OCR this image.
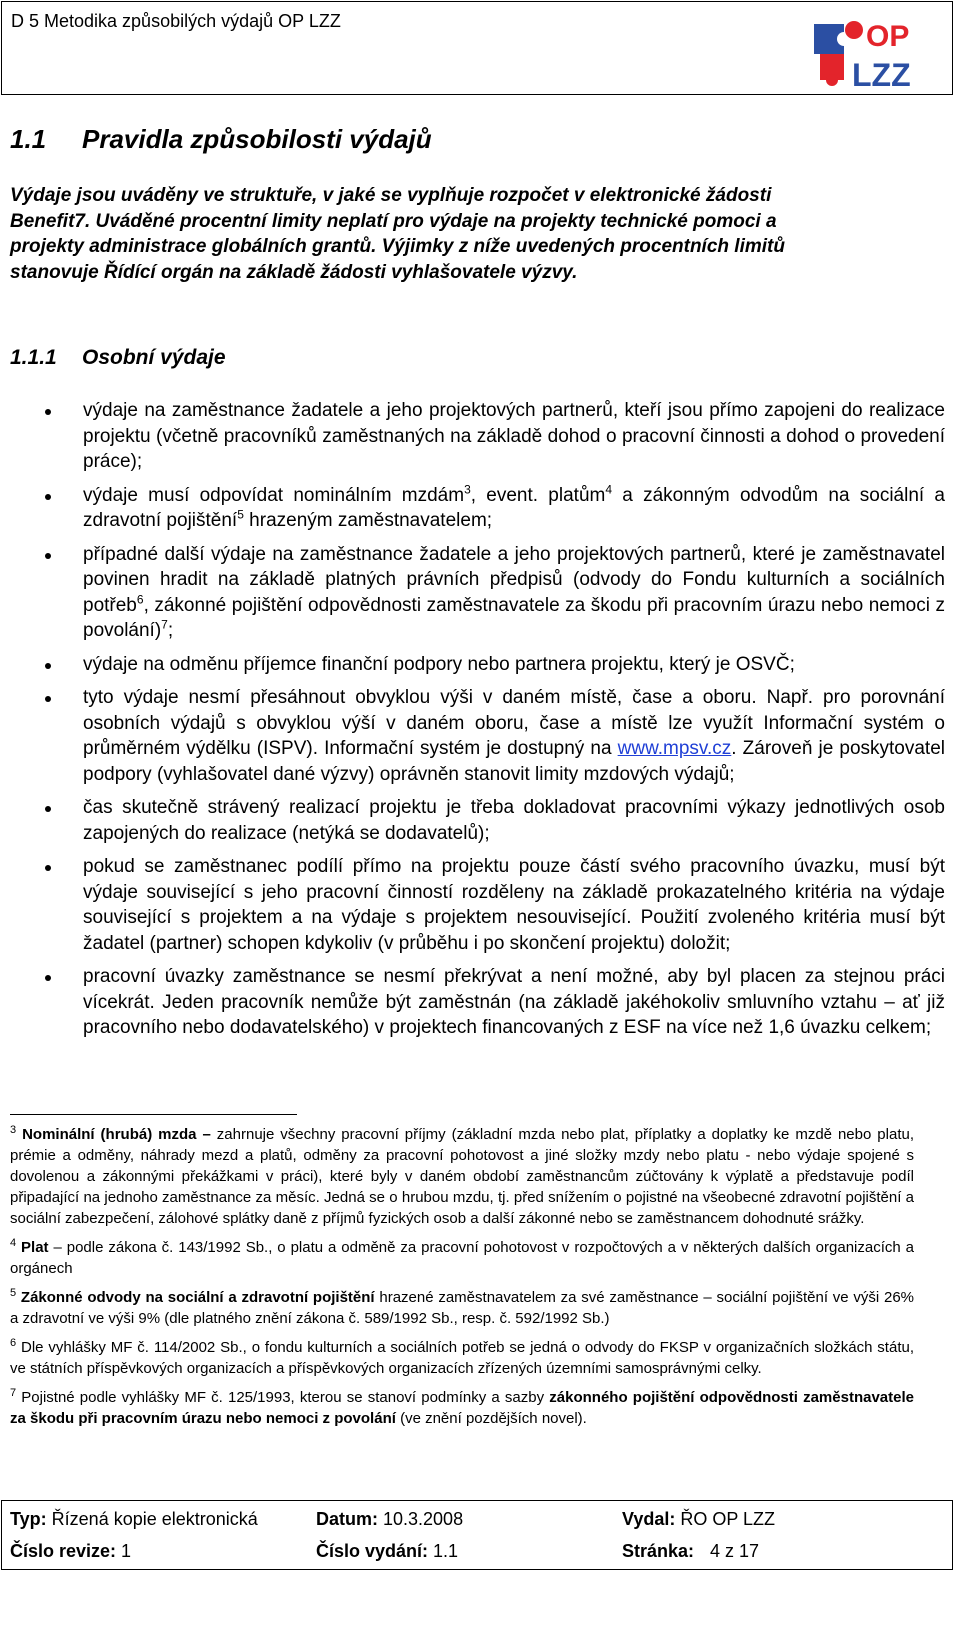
D 5 Metodika způsobilých výdajů OP LZZ	OP
LZZ
1.1 Pravidla způsobilosti výdajů
Výdaje jsou uváděny ve struktuře, v jaké se vyplňuje rozpočet v elektronické žádosti
Benefit7. Uváděné procentní limity neplatí pro výdaje na projekty technické pomoci a
projekty administrace globálních grantů. Výjimky z níže uvedených procentních limitů
stanovuje Řídící orgán na základě žádosti vyhlašovatele výzvy.
1.1.1 Osobní výdaje
výdaje na zaměstnance žadatele a jeho projektových partnerů, kteří jsou přímo zapojeni do realizace projektu (včetně pracovníků zaměstnaných na základě dohod o pracovní činnosti a dohod o provedení práce);
výdaje musí odpovídat nominálním mzdám$^3$, event. platům$^4$ a zákonným odvodům na sociální a zdravotní pojištění$^5$ hrazeným zaměstnavatelem;
případné další výdaje na zaměstnance žadatele a jeho projektových partnerů, které je zaměstnavatel povinen hradit na základě platných právních předpisů (odvody do Fondu kulturních a sociálních potřeb$^6$, zákonné pojištění odpovědnosti zaměstnavatele za škodu při pracovním úrazu nebo nemoci z povolání)$^7$;
výdaje na odměnu příjemce finanční podpory nebo partnera projektu, který je OSVČ;
tyto výdaje nesmí přesáhnout obvyklou výši v daném místě, čase a oboru. Např. pro porovnání osobních výdajů s obvyklou výší v daném oboru, čase a místě lze využít Informační systém o průměrném výdělku (ISPV). Informační systém je dostupný na www.mpsv.cz. Zároveň je poskytovatel podpory (vyhlašovatel dané výzvy) oprávněn stanovit limity mzdových výdajů;
čas skutečně strávený realizací projektu je třeba dokladovat pracovními výkazy jednotlivých osob zapojených do realizace (netýká se dodavatelů);
pokud se zaměstnanec podílí přímo na projektu pouze částí svého pracovního úvazku, musí být výdaje související s jeho pracovní činností rozděleny na základě prokazatelného kritéria na výdaje související s projektem a na výdaje s projektem nesouvisející. Použití zvoleného kritéria musí být žadatel (partner) schopen kdykoliv (v průběhu i po skončení projektu) doložit;
pracovní úvazky zaměstnance se nesmí překrývat a není možné, aby byl placen za stejnou práci vícekrát. Jeden pracovník nemůže být zaměstnán (na základě jakéhokoliv smluvního vztahu – ať již pracovního nebo dodavatelského) v projektech financovaných z ESF na více než 1,6 úvazku celkem;
$^3$ Nominální (hrubá) mzda – zahrnuje všechny pracovní příjmy (základní mzda nebo plat, příplatky a doplatky ke mzdě nebo platu, prémie a odměny, náhrady mezd a platů, odměny za pracovní pohotovost a jiné složky mzdy nebo platu - nebo výdaje spojené s dovolenou a zákonnými překážkami v práci), které byly v daném období zaměstnancům zúčtovány k výplatě a představuje podíl připadající na jednoho zaměstnance za měsíc. Jedná se o hrubou mzdu, tj. před snížením o pojistné na všeobecné zdravotní pojištění a sociální zabezpečení, zálohové splátky daně z příjmů fyzických osob a další zákonné nebo se zaměstnancem dohodnuté srážky.
$^4$ Plat – podle zákona č. 143/1992 Sb., o platu a odměně za pracovní pohotovost v rozpočtových a v některých dalších organizacích a orgánech
$^5$ Zákonné odvody na sociální a zdravotní pojištění hrazené zaměstnavatelem za své zaměstnance – sociální pojištění ve výši 26% a zdravotní ve výši 9% (dle platného znění zákona č. 589/1992 Sb., resp. č. 592/1992 Sb.)
$^6$ Dle vyhlášky MF č. 114/2002 Sb., o fondu kulturních a sociálních potřeb se jedná o odvody do FKSP v organizačních složkách státu, ve státních příspěvkových organizacích a příspěvkových organizacích zřízených územními samosprávnými celky.
$^7$ Pojistné podle vyhlášky MF č. 125/1993, kterou se stanoví podmínky a sazby zákonného pojištění odpovědnosti zaměstnavatele za škodu při pracovním úrazu nebo nemoci z povolání (ve znění pozdějších novel).
Typ: Řízená kopie elektronická	Datum: 10.3.2008	Vydal: ŘO OP LZZ
Číslo revize: 1	Číslo vydání: 1.1	Stránka: 4 z 17
